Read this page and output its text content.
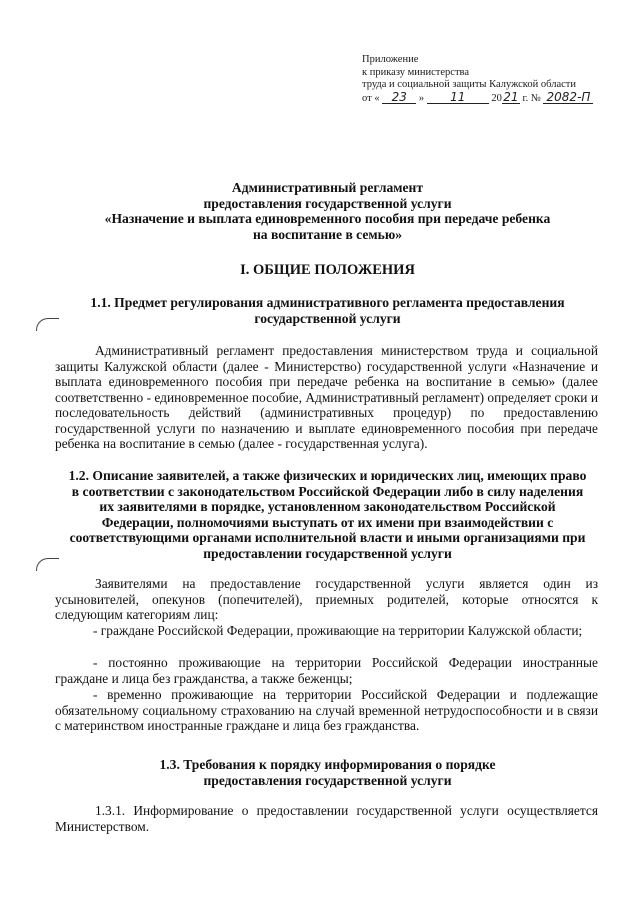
Приложение
к приказу министерства
труда и социальной защиты Калужской области
от « 23 » 11 2021 г. № 2082-П
Административный регламент
предоставления государственной услуги
«Назначение и выплата единовременного пособия при передаче ребенка
на воспитание в семью»
I. ОБЩИЕ ПОЛОЖЕНИЯ
1.1. Предмет регулирования административного регламента предоставления
государственной услуги

Административный регламент предоставления министерством труда и социальной защиты Калужской области (далее - Министерство) государственной услуги «Назначение и выплата единовременного пособия при передаче ребенка на воспитание в семью» (далее соответственно - единовременное пособие, Административный регламент) определяет сроки и последовательность действий (административных процедур) по предоставлению государственной услуги по назначению и выплате единовременного пособия при передаче ребенка на воспитание в семью (далее - государственная услуга).

1.2. Описание заявителей, а также физических и юридических лиц, имеющих право
в соответствии с законодательством Российской Федерации либо в силу наделения
их заявителями в порядке, установленном законодательством Российской
Федерации, полномочиями выступать от их имени при взаимодействии с
соответствующими органами исполнительной власти и иными организациями при
предоставлении государственной услуги

Заявителями на предоставление государственной услуги является один из усыновителей, опекунов (попечителей), приемных родителей, которые относятся к следующим категориям лиц:

- граждане Российской Федерации, проживающие на территории Калужской области;

- постоянно проживающие на территории Российской Федерации иностранные граждане и лица без гражданства, а также беженцы;

- временно проживающие на территории Российской Федерации и подлежащие обязательному социальному страхованию на случай временной нетрудоспособности и в связи с материнством иностранные граждане и лица без гражданства.

1.3. Требования к порядку информирования о порядке
предоставления государственной услуги

1.3.1. Информирование о предоставлении государственной услуги осуществляется Министерством.
